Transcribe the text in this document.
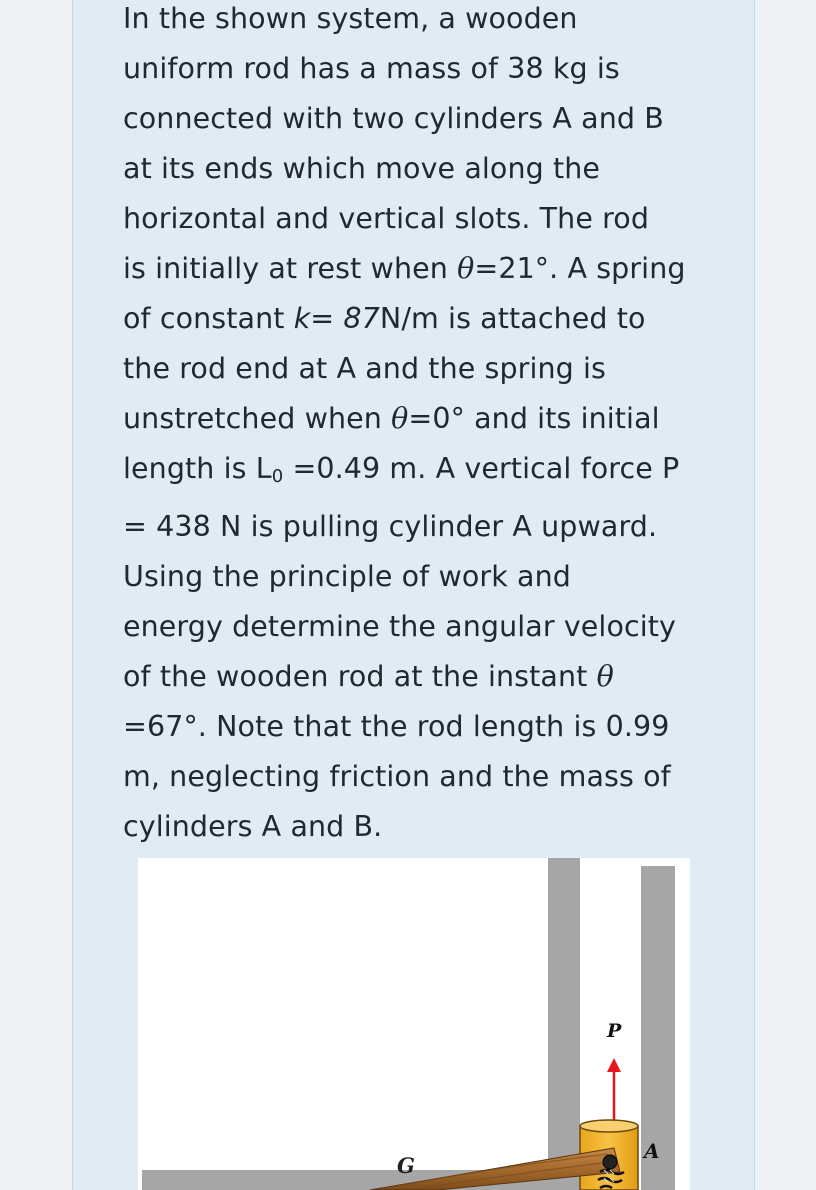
In the shown system, a wooden
uniform rod has a mass of 38 kg is
connected with two cylinders A and B
at its ends which move along the
horizontal and vertical slots. The rod
is initially at rest when θ=21°. A spring
of constant k= 87N/m is attached to
the rod end at A and the spring is
unstretched when θ=0° and its initial
length is $L_0 =0.49$ m. A vertical force P
= 438 N is pulling cylinder A upward.
Using the principle of work and
energy determine the angular velocity
of the wooden rod at the instant θ
=67°. Note that the rod length is 0.99
m, neglecting friction and the mass of
cylinders A and B.

P
A
G
